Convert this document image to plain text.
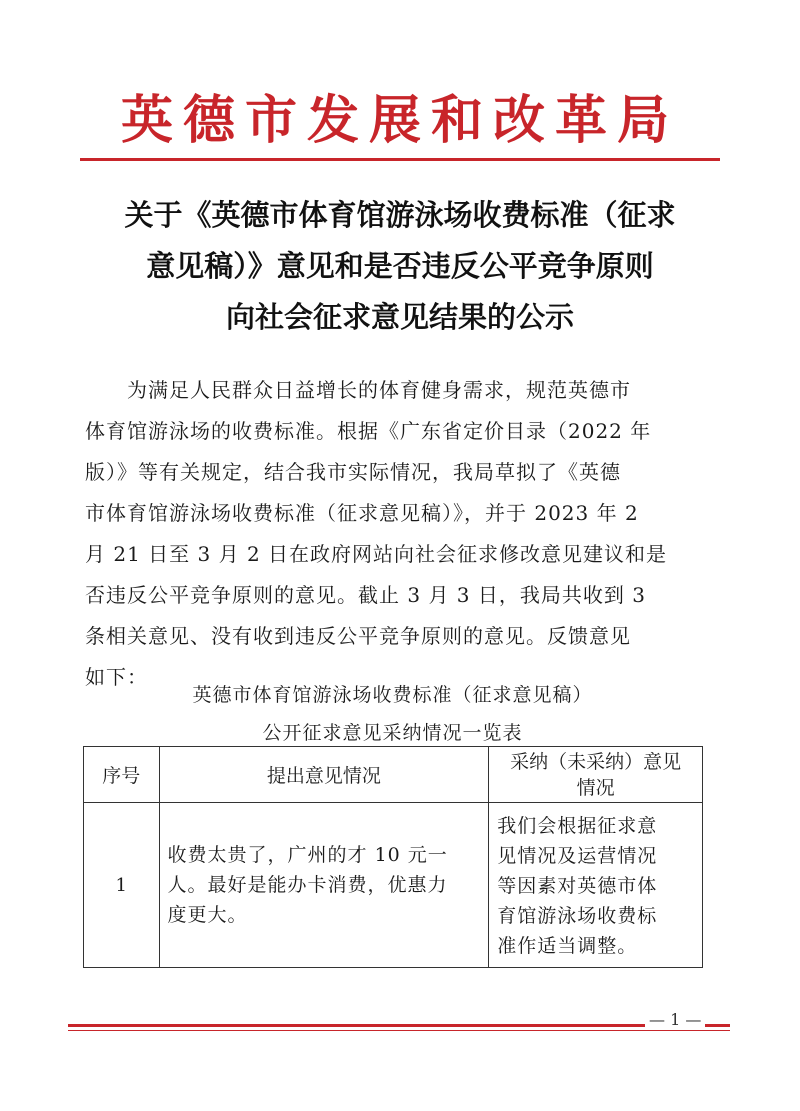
英德市发展和改革局
关于《英德市体育馆游泳场收费标准（征求
意见稿）》意见和是否违反公平竞争原则
向社会征求意见结果的公示
为满足人民群众日益增长的体育健身需求，规范英德市
体育馆游泳场的收费标准。根据《广东省定价目录（2022 年
版）》等有关规定，结合我市实际情况，我局草拟了《英德
市体育馆游泳场收费标准（征求意见稿）》，并于 2023 年 2
月 21 日至 3 月 2 日在政府网站向社会征求修改意见建议和是
否违反公平竞争原则的意见。截止 3 月 3 日，我局共收到 3
条相关意见、没有收到违反公平竞争原则的意见。反馈意见
如下：
英德市体育馆游泳场收费标准（征求意见稿）
公开征求意见采纳情况一览表
序号	提出意见情况	采纳（未采纳）意见
情况
1	收费太贵了，广州的才 10 元一
人。最好是能办卡消费，优惠力
度更大。	我们会根据征求意
见情况及运营情况
等因素对英德市体
育馆游泳场收费标
准作适当调整。
— 1 —
